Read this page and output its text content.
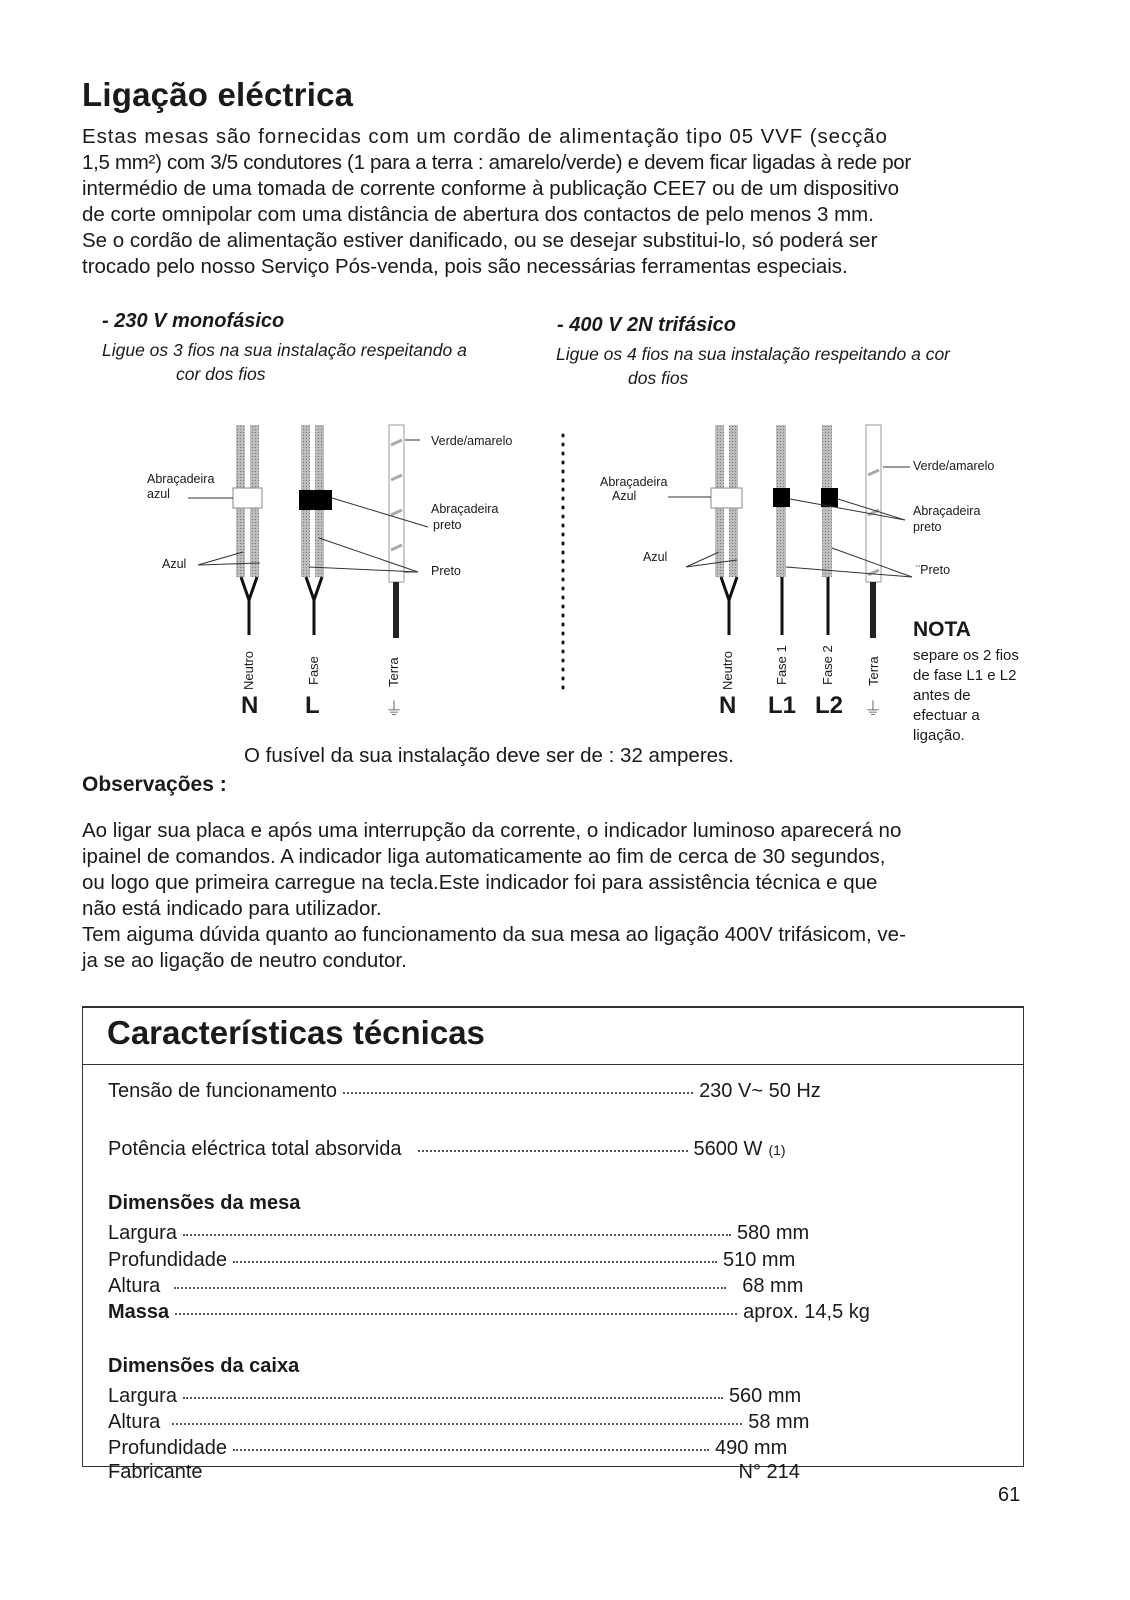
Ligação eléctrica
Estas mesas são fornecidas com um cordão de alimentação tipo 05 VVF (secção
1,5 mm²) com 3/5 condutores (1 para a terra : amarelo/verde) e devem ficar ligadas à rede por
intermédio de uma tomada de corrente conforme à publicação CEE7 ou de um dispositivo
de corte omnipolar com uma distância de abertura dos contactos de pelo menos 3 mm.
Se o cordão de alimentação estiver danificado, ou se desejar substitui-lo, só poderá ser
trocado pelo nosso Serviço Pós-venda, pois são necessárias ferramentas especiais.
- 230 V monofásico
Ligue os 3 fios na sua instalação respeitando a
cor dos fios
- 400 V 2N trifásico
Ligue os 4 fios na sua instalação respeitando a cor
dos fios
Verde/amarelo
Abraçadeira
azul
Abraçadeira
preto
Azul	Preto
Neutro	Fase	Terra
N L	⏚
Verde/amarelo
Abraçadeira
Azul
Abraçadeira
preto
Azul
¨Preto
Neutro	Fase 1 Fase 2 Terra
N L1 L2 ⏚
NOTA
separe os 2 fios
de fase L1 e L2
antes de
efectuar a
ligação.
O fusível da sua instalação deve ser de : 32 amperes.
Observações :
Ao ligar sua placa e após uma interrupção da corrente, o indicador luminoso aparecerá no
ipainel de comandos. A indicador liga automaticamente ao fim de cerca de 30 segundos,
ou logo que primeira carregue na tecla.Este indicador foi para assistência técnica e que
não está indicado para utilizador.
Tem aiguma dúvida quanto ao funcionamento da sua mesa ao ligação 400V trifásicom, ve-
ja se ao ligação de neutro condutor.
Características técnicas
Tensão de funcionamento	230 V~ 50 Hz
Potência eléctrica total absorvida	5600 W (1)
Dimensões da mesa
Largura	580 mm
Profundidade	510 mm
Altura	68 mm
Massa	aprox. 14,5 kg
Dimensões da caixa
Largura	560 mm
Altura	58 mm
Profundidade	490 mm
Fabricante	N° 214
61
